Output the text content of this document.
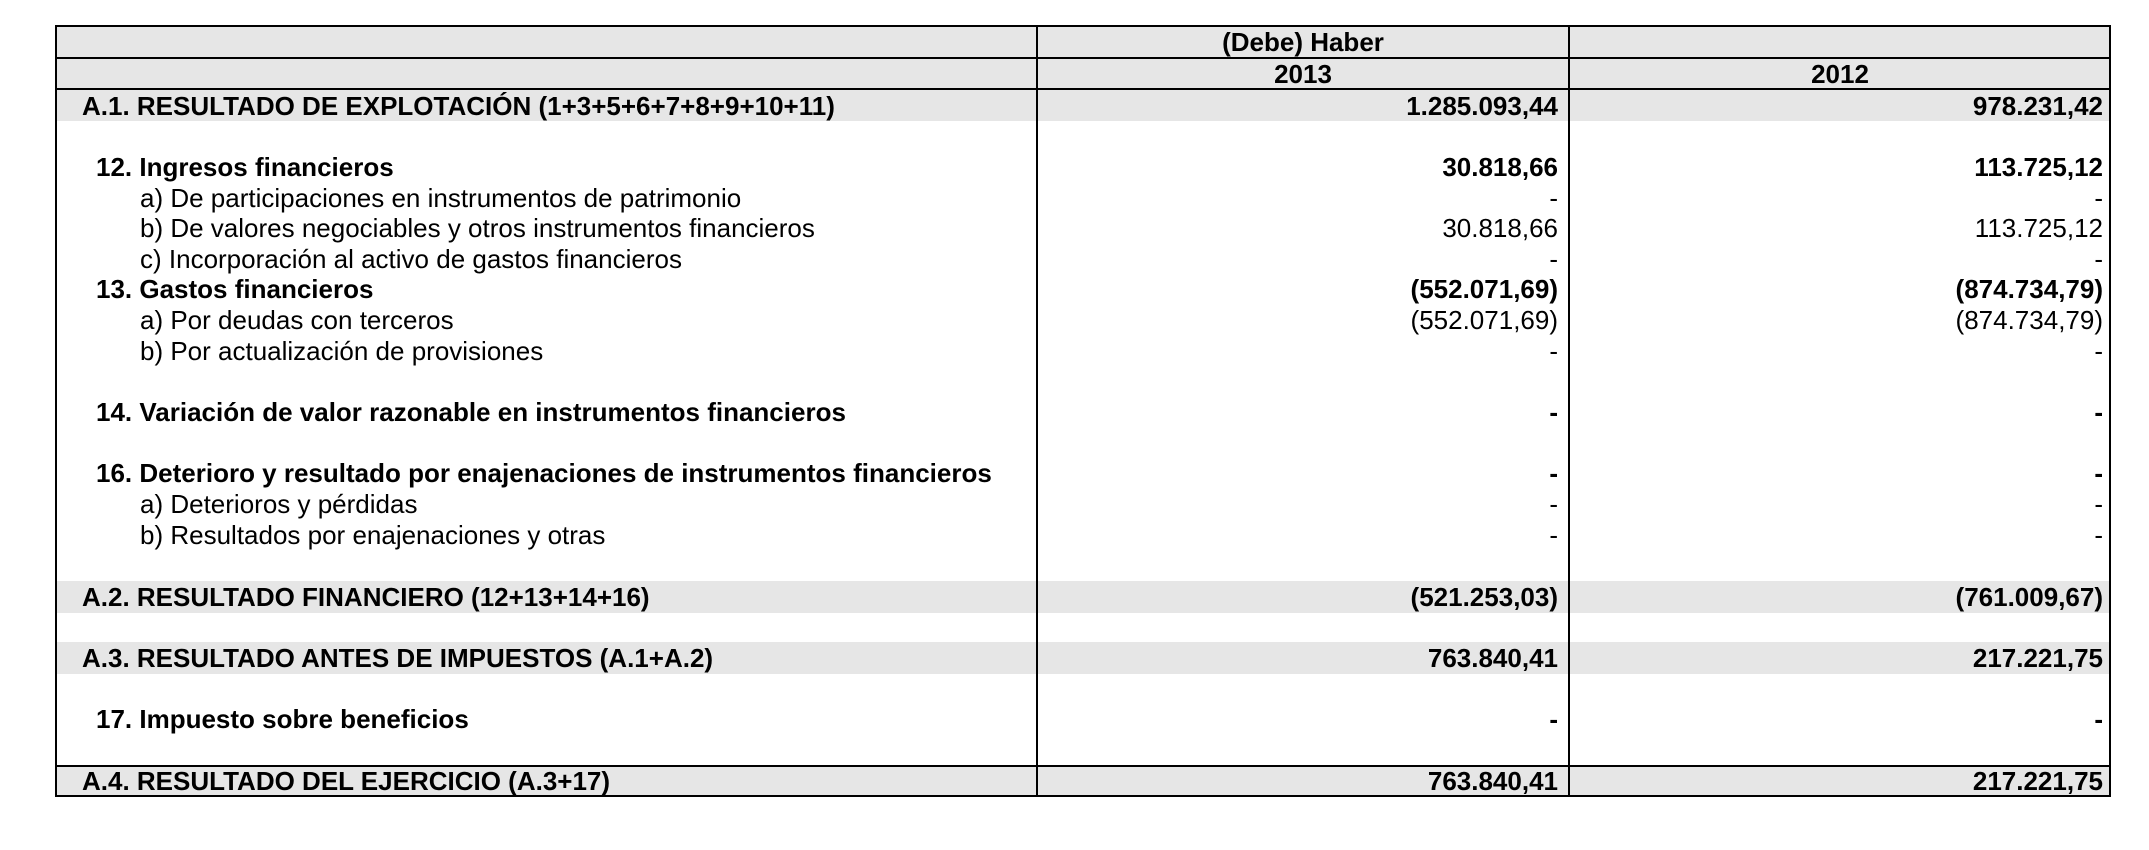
(Debe) Haber
2013	2012
A.1. RESULTADO DE EXPLOTACIÓN (1+3+5+6+7+8+9+10+11)
12. Ingresos financieros
a) De participaciones en instrumentos de patrimonio
b) De valores negociables y otros instrumentos financieros
c) Incorporación al activo de gastos financieros
13. Gastos financieros
a) Por deudas con terceros
b) Por actualización de provisiones
14. Variación de valor razonable en instrumentos financieros
16. Deterioro y resultado por enajenaciones de instrumentos financieros
a) Deterioros y pérdidas
b) Resultados por enajenaciones y otras
A.2. RESULTADO FINANCIERO (12+13+14+16)
A.3. RESULTADO ANTES DE IMPUESTOS (A.1+A.2)
17. Impuesto sobre beneficios
A.4. RESULTADO DEL EJERCICIO (A.3+17)
1.285.093,44
30.818,66
-
30.818,66
-
(552.071,69)
(552.071,69)
-
-
-
-
-
(521.253,03)
763.840,41
-
763.840,41
978.231,42
113.725,12
-
113.725,12
-
(874.734,79)
(874.734,79)
-
-
-
-
-
(761.009,67)
217.221,75
-
217.221,75
